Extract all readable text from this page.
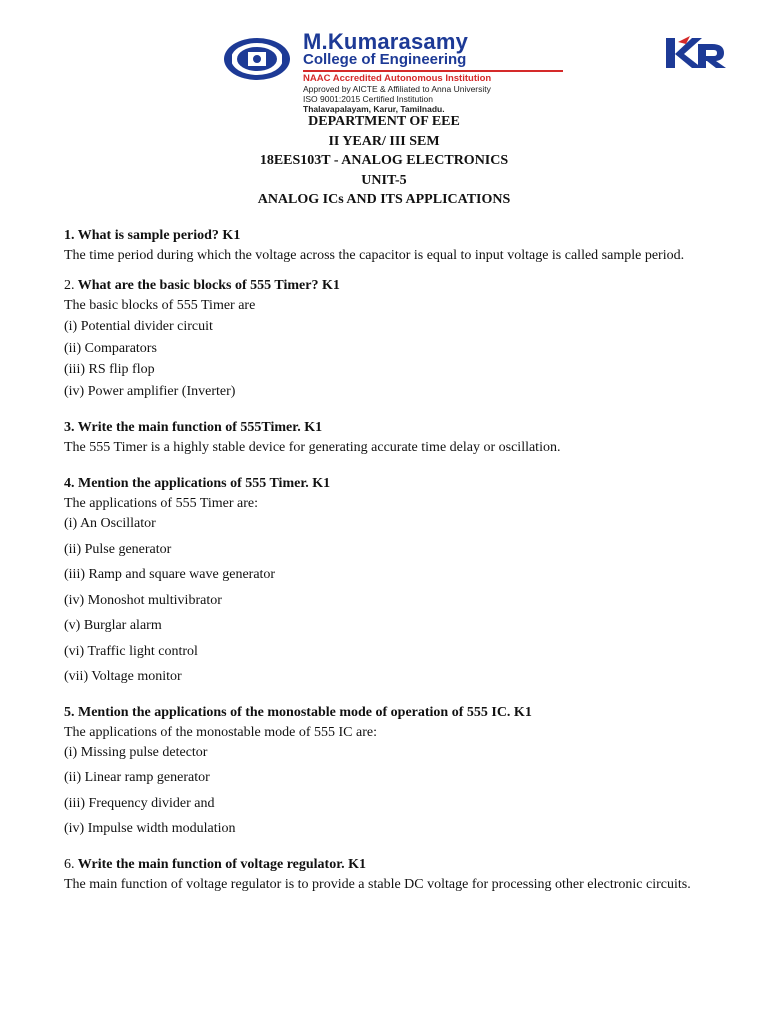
M.Kumarasamy
College of Engineering
NAAC Accredited Autonomous Institution
Approved by AICTE & Affiliated to Anna University
ISO 9001:2015 Certified Institution
Thalavapalayam, Karur, Tamilnadu.
DEPARTMENT OF EEE
II YEAR/ III SEM
18EES103T - ANALOG ELECTRONICS
UNIT-5
ANALOG ICs AND ITS APPLICATIONS
1. What is sample period? K1

The time period during which the voltage across the capacitor is equal to input voltage is called sample period.

2. What are the basic blocks of 555 Timer? K1

The basic blocks of 555 Timer are

(i) Potential divider circuit

(ii) Comparators

(iii) RS flip flop

(iv) Power amplifier (Inverter)

3. Write the main function of 555Timer. K1

The 555 Timer is a highly stable device for generating accurate time delay or oscillation.

4. Mention the applications of 555 Timer. K1

The applications of 555 Timer are:

(i) An Oscillator

(ii) Pulse generator

(iii) Ramp and square wave generator

(iv) Monoshot multivibrator

(v) Burglar alarm

(vi) Traffic light control

(vii) Voltage monitor

5. Mention the applications of the monostable mode of operation of 555 IC. K1

The applications of the monostable mode of 555 IC are:

(i) Missing pulse detector

(ii) Linear ramp generator

(iii) Frequency divider and

(iv) Impulse width modulation

6. Write the main function of voltage regulator. K1

The main function of voltage regulator is to provide a stable DC voltage for processing other electronic circuits.
